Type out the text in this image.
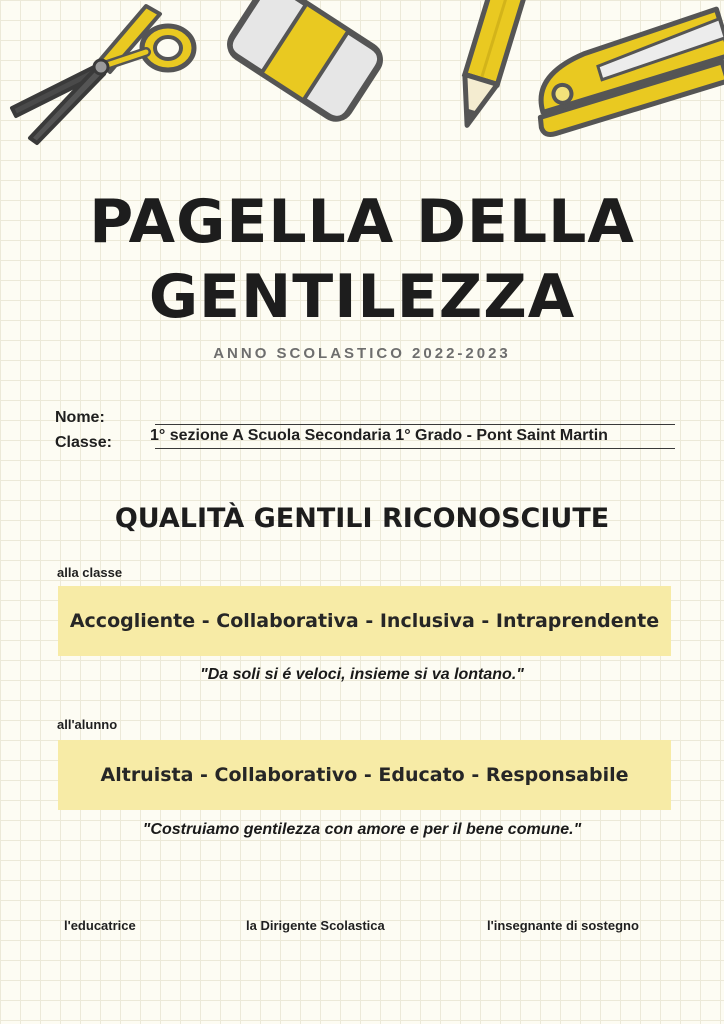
PAGELLA DELLA
GENTILEZZA
ANNO SCOLASTICO 2022-2023
Nome:
Classe: 1° sezione A Scuola Secondaria 1° Grado - Pont Saint Martin
QUALITÀ GENTILI RICONOSCIUTE
alla classe
Accogliente - Collaborativa - Inclusiva - Intraprendente
"Da soli si é veloci, insieme si va lontano."
all'alunno
Altruista - Collaborativo - Educato - Responsabile
"Costruiamo gentilezza con amore e per il bene comune."
l'educatrice	la Dirigente Scolastica	l'insegnante di sostegno
